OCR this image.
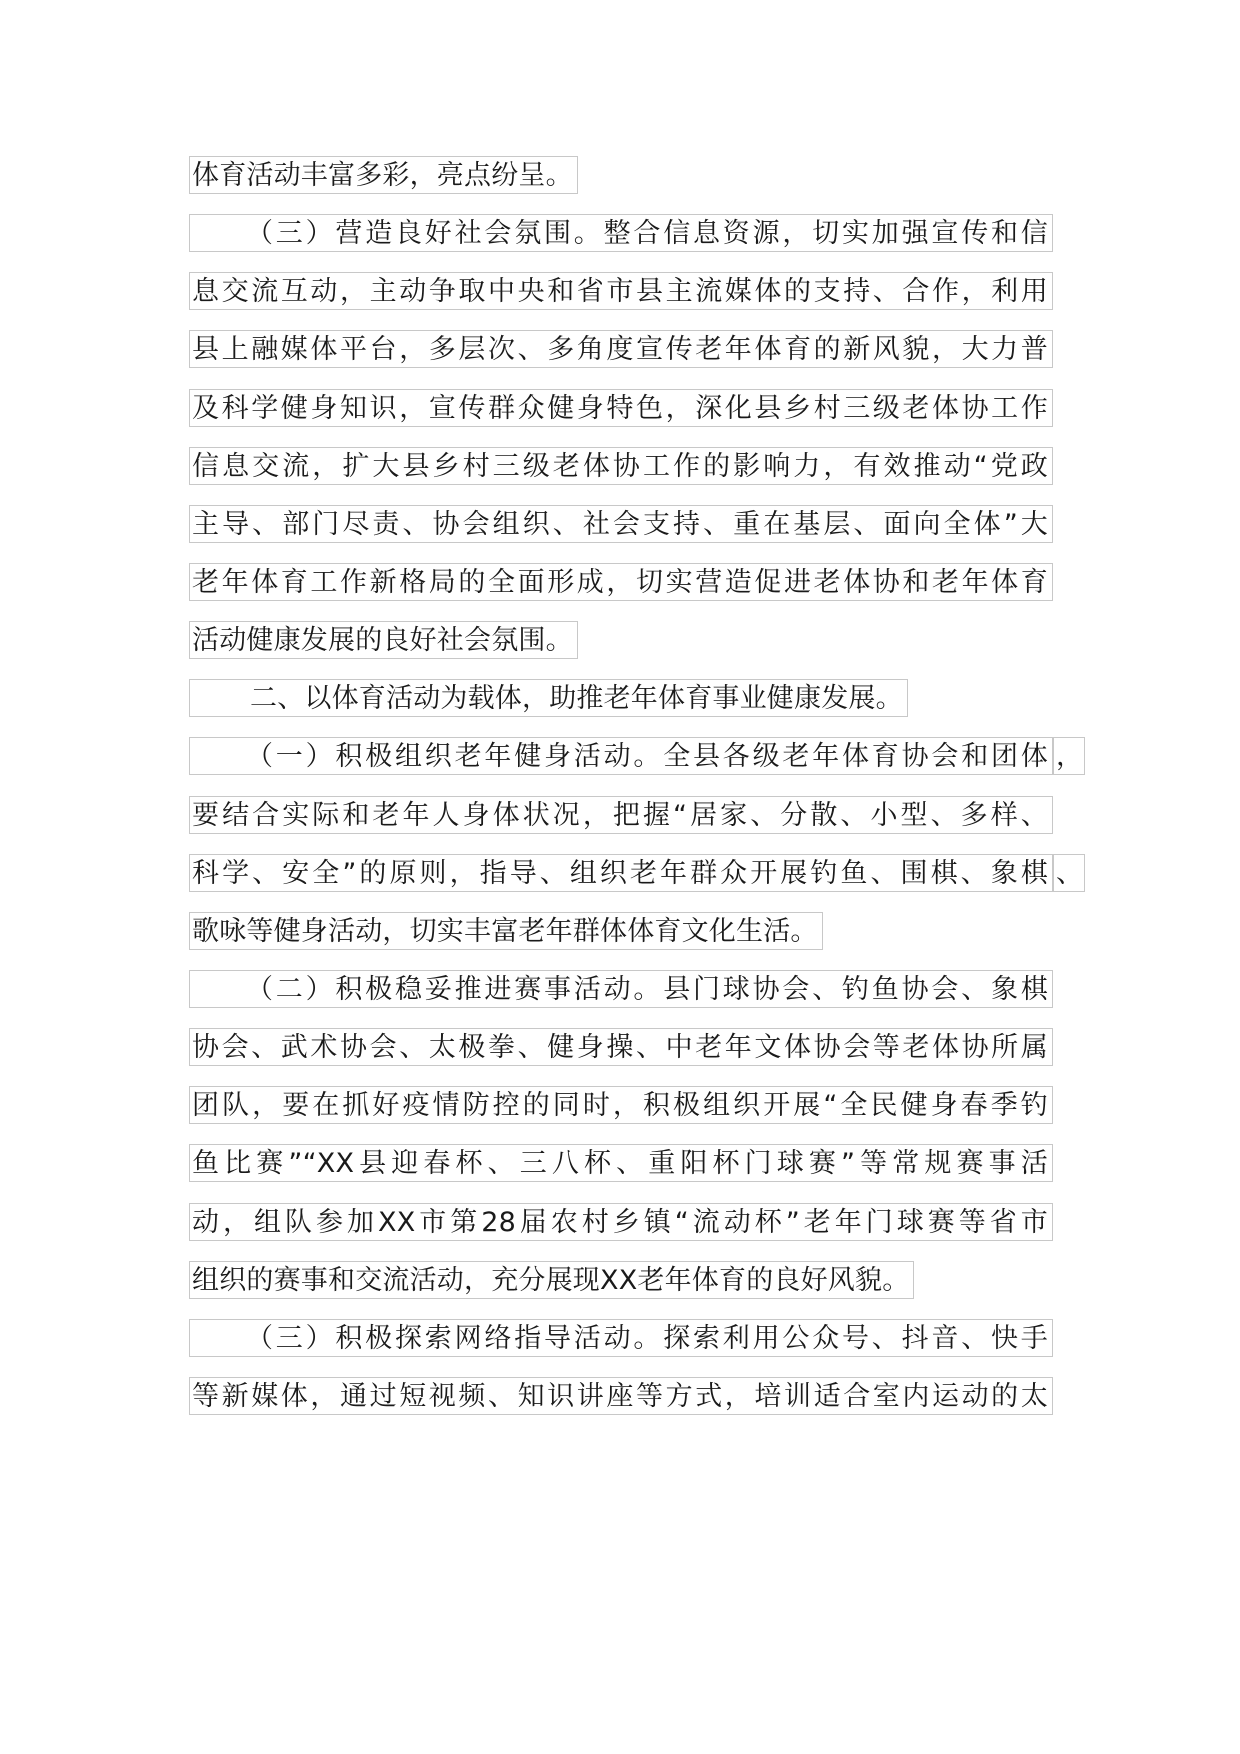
体育活动丰富多彩，亮点纷呈。
（三）营造良好社会氛围。整合信息资源，切实加强宣传和信
息交流互动，主动争取中央和省市县主流媒体的支持、合作，利用
县上融媒体平台，多层次、多角度宣传老年体育的新风貌，大力普
及科学健身知识，宣传群众健身特色，深化县乡村三级老体协工作
信息交流，扩大县乡村三级老体协工作的影响力，有效推动“党政
主导、部门尽责、协会组织、社会支持、重在基层、面向全体”大
老年体育工作新格局的全面形成，切实营造促进老体协和老年体育
活动健康发展的良好社会氛围。
二、以体育活动为载体，助推老年体育事业健康发展。
（一）积极组织老年健身活动。全县各级老年体育协会和团体 ，
要结合实际和老年人身体状况，把握“居家、分散、小型、多样、
科学、安全”的原则，指导、组织老年群众开展钓鱼、围棋、象棋 、
歌咏等健身活动，切实丰富老年群体体育文化生活。
（二）积极稳妥推进赛事活动。县门球协会、钓鱼协会、象棋
协会、武术协会、太极拳、健身操、中老年文体协会等老体协所属
团队，要在抓好疫情防控的同时，积极组织开展“全民健身春季钓
鱼比赛”“XX县迎春杯、三八杯、重阳杯门球赛”等常规赛事活
动，组队参加XX市第28届农村乡镇“流动杯”老年门球赛等省市
组织的赛事和交流活动，充分展现XX老年体育的良好风貌。
（三）积极探索网络指导活动。探索利用公众号、抖音、快手
等新媒体，通过短视频、知识讲座等方式，培训适合室内运动的太
